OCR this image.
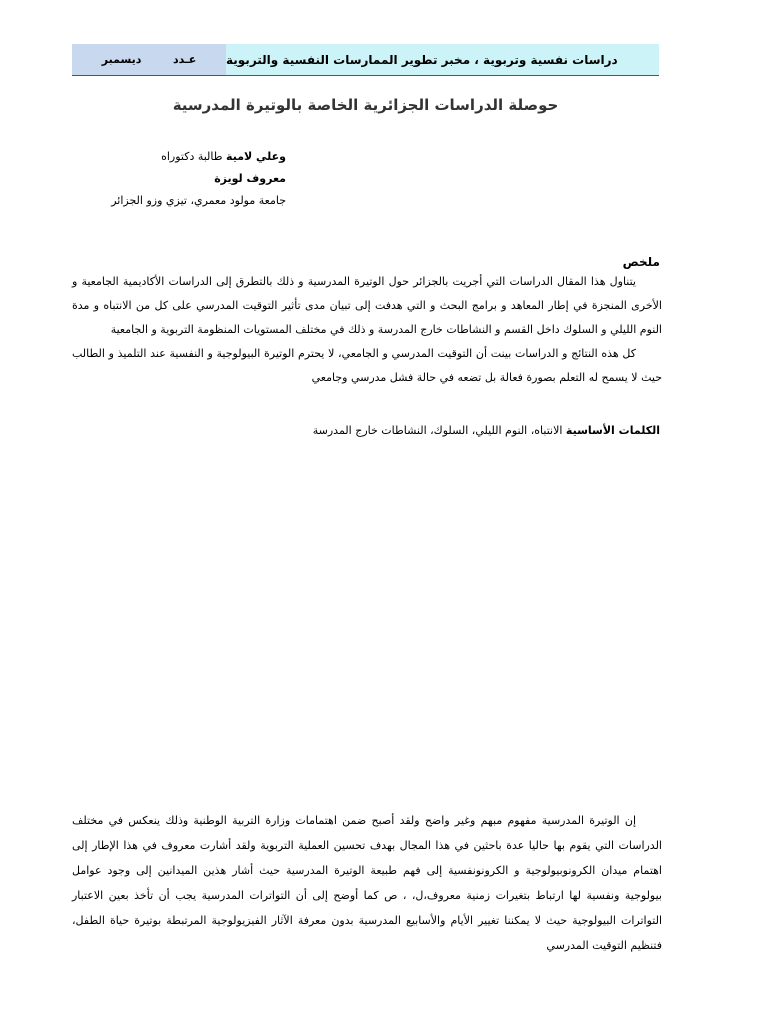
عـدد
ديسمبر	دراسات نفسية وتربوية ، مخبر تطوير الممارسات النفسية والتربوية
حوصلة الدراسات الجزائرية الخاصة بالوتيرة المدرسية
وعلي لامية طالبة دكتوراه
معروف لويزة
جامعة مولود معمري، تيزي وزو الجزائر
ملخص
يتناول هذا المقال الدراسات التي أجريت بالجزائر حول الوتيرة المدرسية و ذلك بالتطرق إلى الدراسات الأكاديمية الجامعية و الأخرى المنجزة في إطار المعاهد و برامج البحث و التي هدفت إلى تبيان مدى تأثير التوقيت المدرسي على كل من الانتباه و مدة النوم الليلي و السلوك داخل القسم و النشاطات خارج المدرسة و ذلك في مختلف المستويات المنظومة التربوية و الجامعية
كل هذه النتائج و الدراسات بينت أن التوقيت المدرسي و الجامعي، لا يحترم الوتيرة البيولوجية و النفسية عند التلميذ و الطالب حيث لا يسمح له التعلم بصورة فعالة بل تضعه في حالة فشل مدرسي وجامعي
الكلمات الأساسية الانتباه، النوم الليلي، السلوك، النشاطات خارج المدرسة
إن الوتيرة المدرسية مفهوم مبهم وغير واضح ولقد أصبح ضمن اهتمامات وزارة التربية الوطنية وذلك ينعكس في مختلف الدراسات التي يقوم بها حاليا عدة باحثين في هذا المجال بهدف تحسين العملية التربوية ولقد أشارت معروف في هذا الإطار إلى اهتمام ميدان الكرونوبيولوجية و الكرونونفسية إلى فهم طبيعة الوتيرة المدرسية حيث أشار هذين الميدانين إلى وجود عوامل بيولوجية ونفسية لها ارتباط بتغيرات زمنية معروف،ل، ، ص كما أوضح إلى أن التواترات المدرسية يجب أن تأخذ بعين الاعتبار التواترات البيولوجية حيث لا يمكننا تغيير الأيام والأسابيع المدرسية بدون معرفة الآثار الفيزيولوجية المرتبطة بوتيرة حياة الطفل، فتنظيم التوقيت المدرسي
